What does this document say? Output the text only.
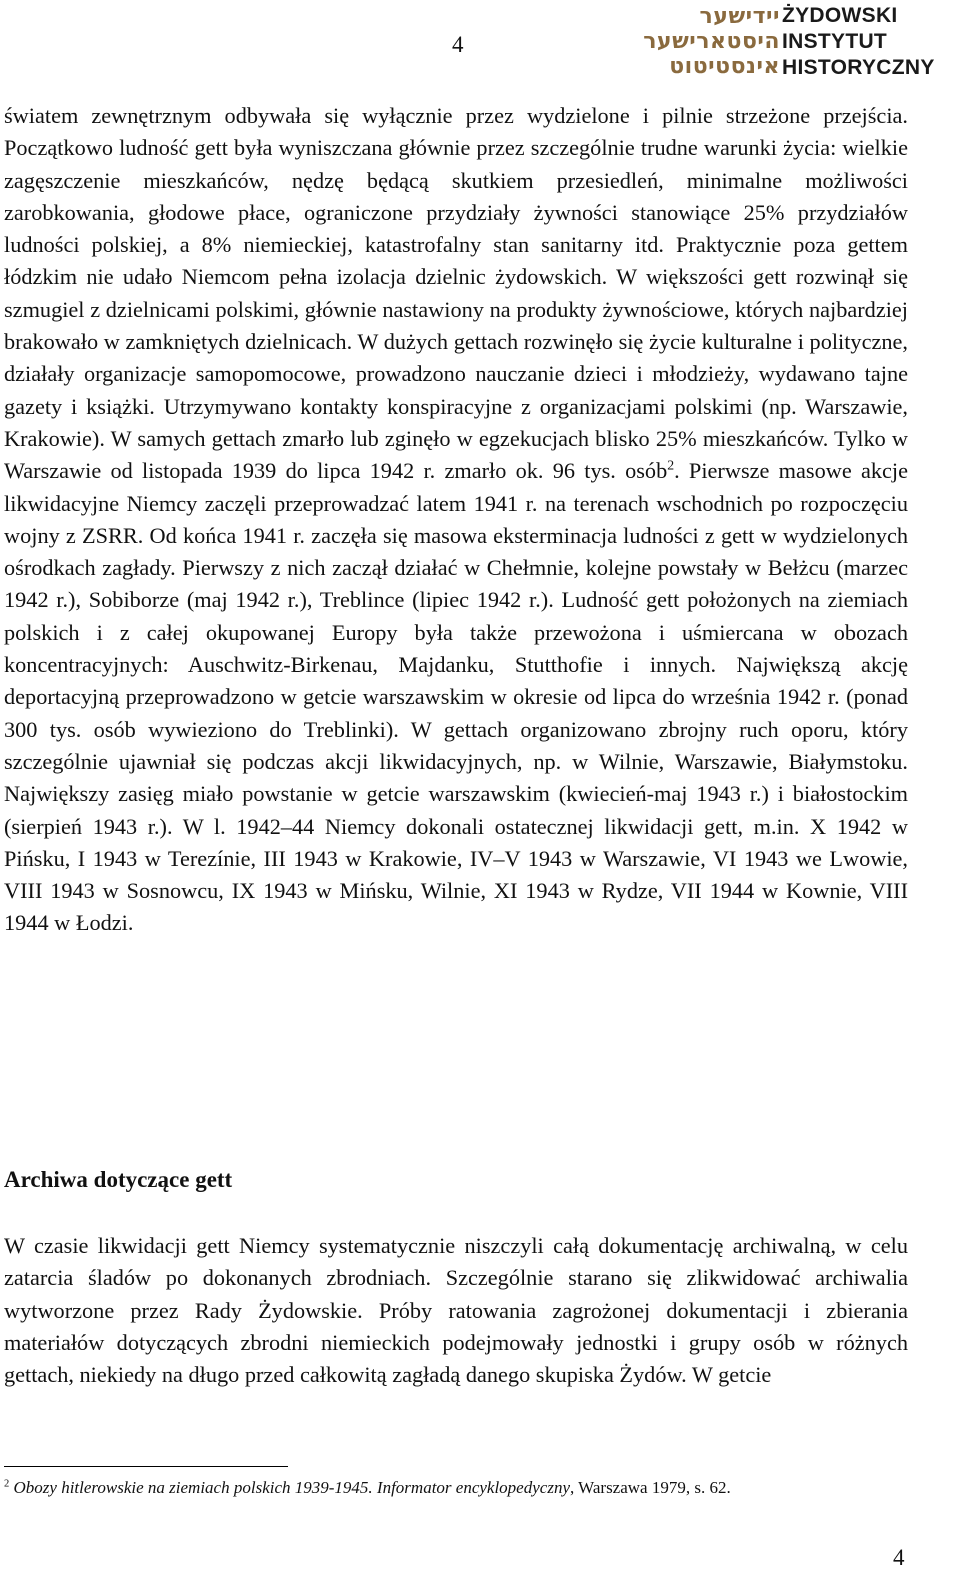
4
יידישער
היסטארישער
אינסטיטוט
ŻYDOWSKI
INSTYTUT
HISTORYCZNY

światem zewnętrznym odbywała się wyłącznie przez wydzielone i pilnie strzeżone przejścia. Początkowo ludność gett była wyniszczana głównie przez szczególnie trudne warunki życia: wielkie zagęszczenie mieszkańców, nędzę będącą skutkiem przesiedleń, minimalne możliwości zarobkowania, głodowe płace, ograniczone przydziały żywności stanowiące 25% przydziałów ludności polskiej, a 8% niemieckiej, katastrofalny stan sanitarny itd. Praktycznie poza gettem łódzkim nie udało Niemcom pełna izolacja dzielnic żydowskich. W większości gett rozwinął się szmugiel z dzielnicami polskimi, głównie nastawiony na produkty żywnościowe, których najbardziej brakowało w zamkniętych dzielnicach. W dużych gettach rozwinęło się życie kulturalne i polityczne, działały organizacje samopomocowe, prowadzono nauczanie dzieci i młodzieży, wydawano tajne gazety i książki. Utrzymywano kontakty konspiracyjne z organizacjami polskimi (np. Warszawie, Krakowie). W samych gettach zmarło lub zginęło w egzekucjach blisko 25% mieszkańców. Tylko w Warszawie od listopada 1939 do lipca 1942 r. zmarło ok. 96 tys. osób$^2$. Pierwsze masowe akcje likwidacyjne Niemcy zaczęli przeprowadzać latem 1941 r. na terenach wschodnich po rozpoczęciu wojny z ZSRR. Od końca 1941 r. zaczęła się masowa eksterminacja ludności z gett w wydzielonych ośrodkach zagłady. Pierwszy z nich zaczął działać w Chełmnie, kolejne powstały w Bełżcu (marzec 1942 r.), Sobiborze (maj 1942 r.), Treblince (lipiec 1942 r.). Ludność gett położonych na ziemiach polskich i z całej okupowanej Europy była także przewożona i uśmiercana w obozach koncentracyjnych: Auschwitz-Birkenau, Majdanku, Stutthofie i innych. Największą akcję deportacyjną przeprowadzono w getcie warszawskim w okresie od lipca do września 1942 r. (ponad 300 tys. osób wywieziono do Treblinki). W gettach organizowano zbrojny ruch oporu, który szczególnie ujawniał się podczas akcji likwidacyjnych, np. w Wilnie, Warszawie, Białymstoku. Największy zasięg miało powstanie w getcie warszawskim (kwiecień-maj 1943 r.) i białostockim (sierpień 1943 r.). W l. 1942–44 Niemcy dokonali ostatecznej likwidacji gett, m.in. X 1942 w Pińsku, I 1943 w Terezínie, III 1943 w Krakowie, IV–V 1943 w Warszawie, VI 1943 we Lwowie, VIII 1943 w Sosnowcu, IX 1943 w Mińsku, Wilnie, XI 1943 w Rydze, VII 1944 w Kownie, VIII 1944 w Łodzi.

Archiwa dotyczące gett

W czasie likwidacji gett Niemcy systematycznie niszczyli całą dokumentację archiwalną, w celu zatarcia śladów po dokonanych zbrodniach. Szczególnie starano się zlikwidować archiwalia wytworzone przez Rady Żydowskie. Próby ratowania zagrożonej dokumentacji i zbierania materiałów dotyczących zbrodni niemieckich podejmowały jednostki i grupy osób w różnych gettach, niekiedy na długo przed całkowitą zagładą danego skupiska Żydów. W getcie

$^2$ Obozy hitlerowskie na ziemiach polskich 1939-1945. Informator encyklopedyczny, Warszawa 1979, s. 62.
4
